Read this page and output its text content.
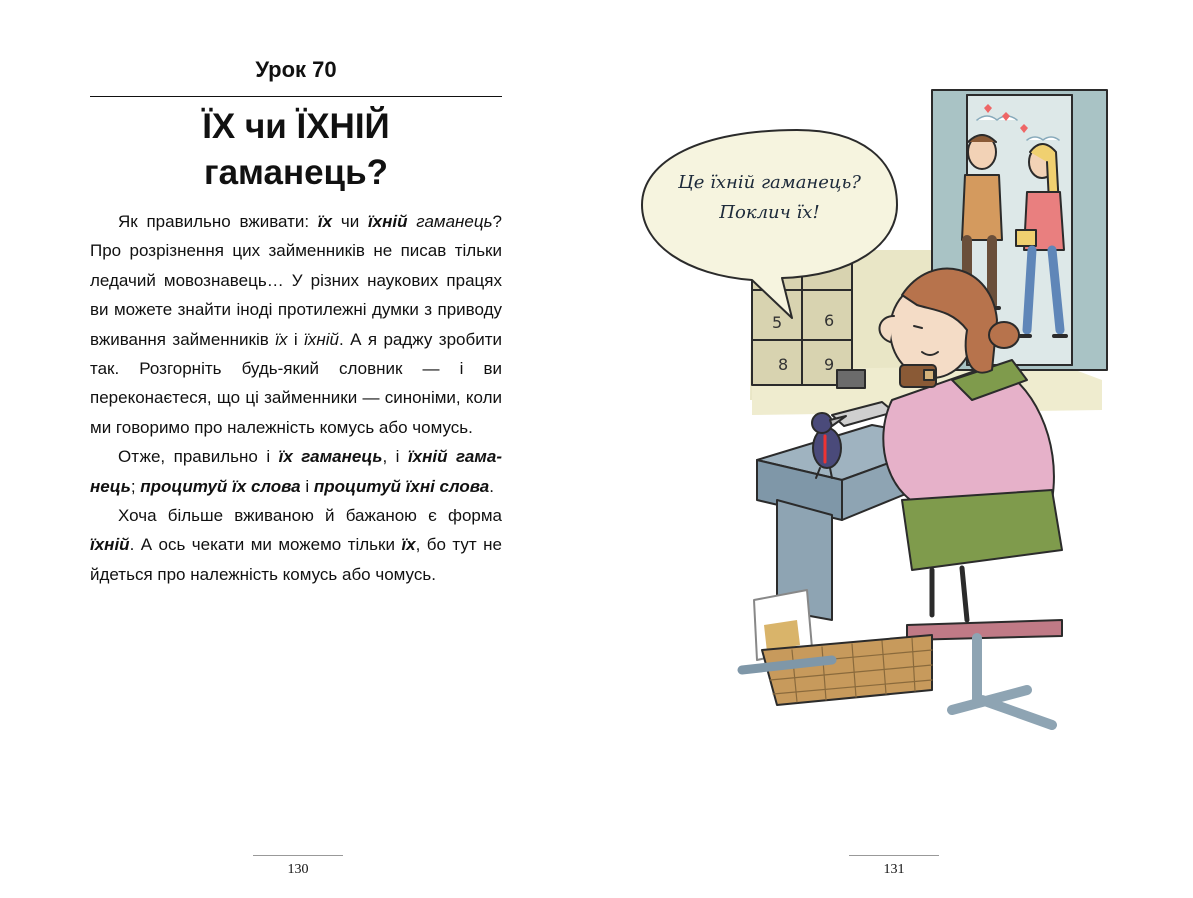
Урок 70
ЇХ чи ЇХНІЙ
гаманець?

Як правильно вживати: їх чи їхній гаманець? Про розрізнення цих займенників не писав тільки ледачий мовознавець… У різних наукових працях ви можете знайти іноді протилежні думки з приводу вживання займенників їх і їхній. А я раджу зробити так. Розгорніть будь-який словник — і ви переконаєтеся, що ці займенники — синоніми, коли ми говоримо про належність комусь або чомусь.

Отже, правильно і їх гаманець, і їхній гаманець; процитуй їх слова і процитуй їхні слова.

Хоча більше вживаною й бажаною є форма їхній. А ось чекати ми можемо тільки їх, бо тут не йдеться про належність комусь або чомусь.

130
5	6
8 9
Це їхній гаманець?
Поклич їх!
131
